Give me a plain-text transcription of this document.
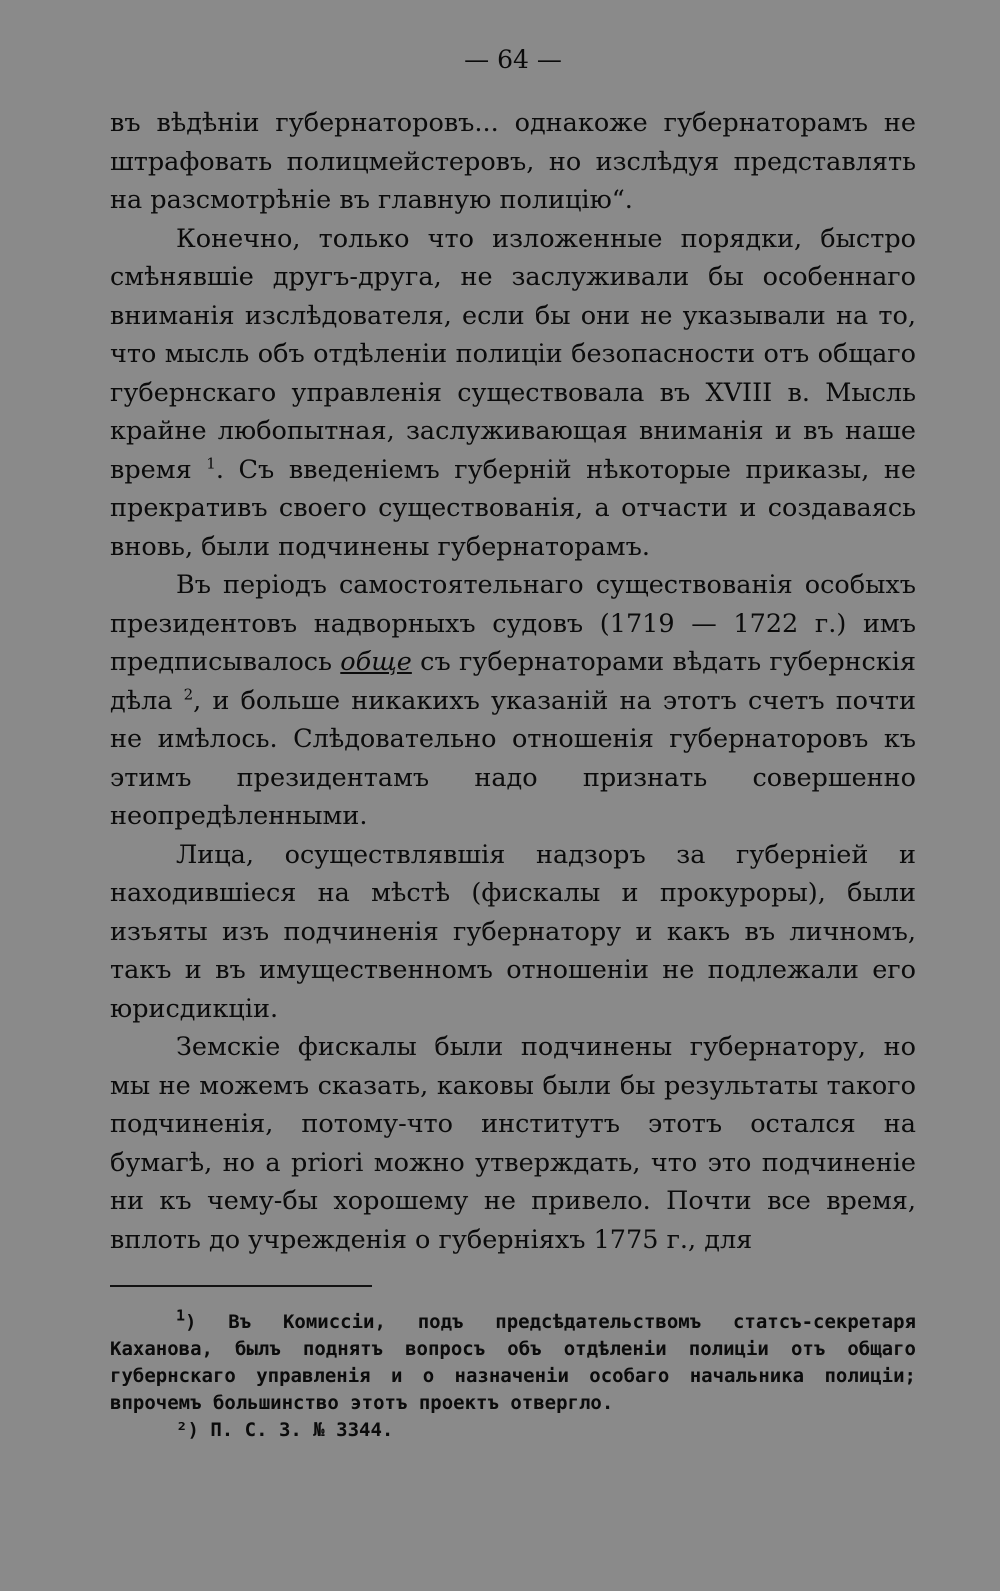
— 64 —

въ вѣдѣніи губернаторовъ... однакоже губернаторамъ не штрафовать полицмейстеровъ, но изслѣдуя представлять на разсмотрѣніе въ главную полицію“.

Конечно, только что изложенные порядки, быстро смѣнявшіе другъ-друга, не заслуживали бы особеннаго вниманія изслѣдователя, если бы они не указывали на то, что мысль объ отдѣленіи полиціи безопасности отъ общаго губернскаго управленія существовала въ XVIII в. Мысль крайне любопытная, заслуживающая вниманія и въ наше время $^1$. Съ введеніемъ губерній нѣкоторые приказы, не прекративъ своего существованія, а отчасти и создаваясь вновь, были подчинены губернаторамъ.

Въ періодъ самостоятельнаго существованія особыхъ президентовъ надворныхъ судовъ (1719 — 1722 г.) имъ предписывалось обще съ губернаторами вѣдать губернскія дѣла $^2$, и больше никакихъ указаній на этотъ счетъ почти не имѣлось. Слѣдовательно отношенія губернаторовъ къ этимъ президентамъ надо признать совершенно неопредѣленными.

Лица, осуществлявшія надзоръ за губерніей и находившіеся на мѣстѣ (фискалы и прокуроры), были изъяты изъ подчиненія губернатору и какъ въ личномъ, такъ и въ имущественномъ отношеніи не подлежали его юрисдикціи.

Земскіе фискалы были подчинены губернатору, но мы не можемъ сказать, каковы были бы результаты такого подчиненія, потому-что институтъ этотъ остался на бумагѣ, но a priori можно утверждать, что это подчиненіе ни къ чему-бы хорошему не привело. Почти все время, вплоть до учрежденія о губерніяхъ 1775 г., для

$^1$) Въ Комиссіи, подъ предсѣдательствомъ статсъ-секретаря Каханова, былъ поднятъ вопросъ объ отдѣленіи полиціи отъ общаго губернскаго управленія и о назначеніи особаго начальника полиціи; впрочемъ большинство этотъ проектъ отвергло.

²) П. С. З. № 3344.
